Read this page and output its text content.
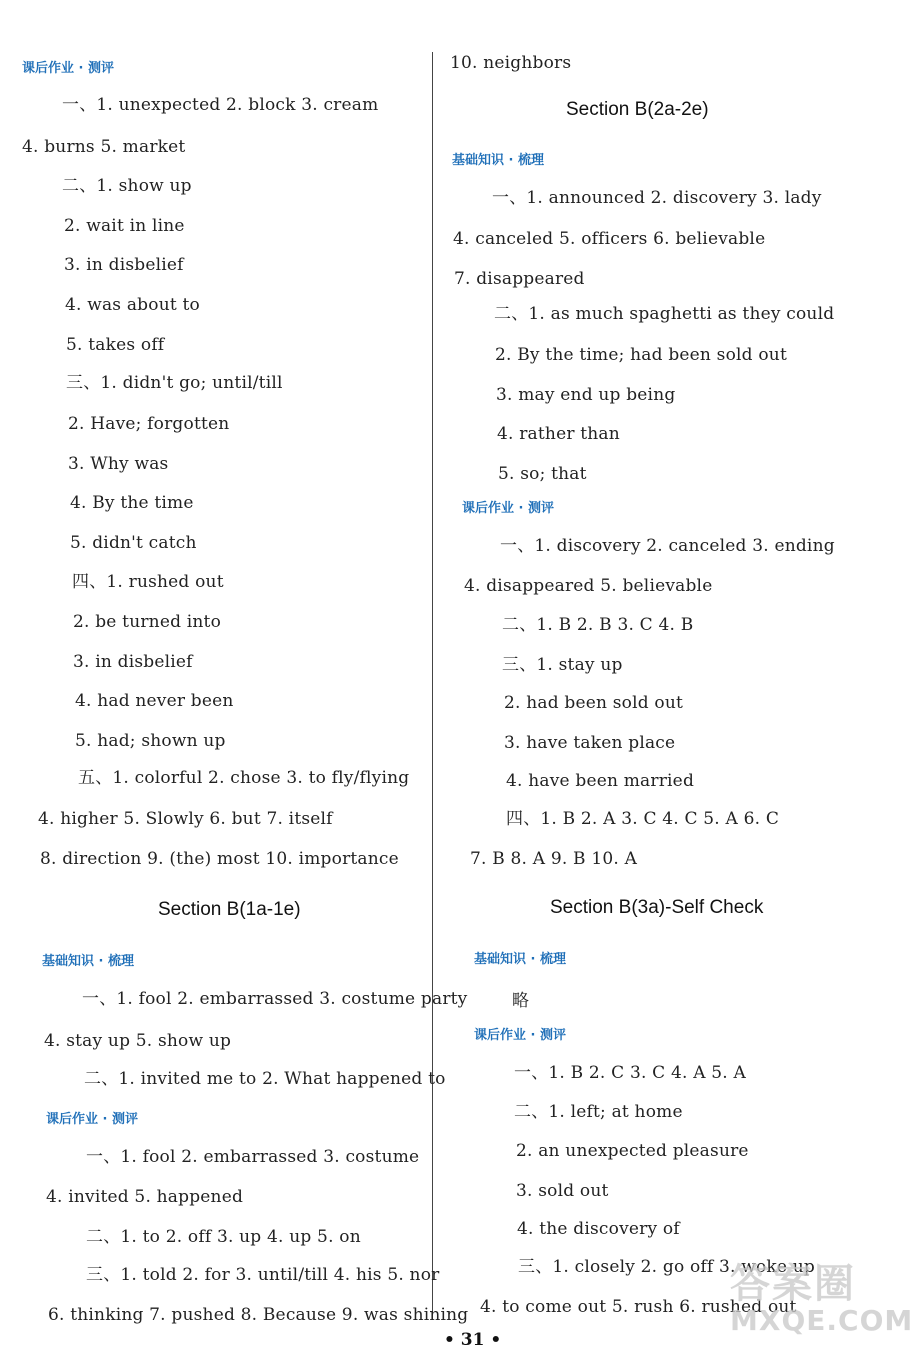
课后作业 · 测评
一、1. unexpected 2. block 3. cream
4. burns 5. market
二、1. show up
2. wait in line
3. in disbelief
4. was about to
5. takes off
三、1. didn't go; until/till
2. Have; forgotten
3. Why was
4. By the time
5. didn't catch
四、1. rushed out
2. be turned into
3. in disbelief
4. had never been
5. had; shown up
五、1. colorful 2. chose 3. to fly/flying
4. higher 5. Slowly 6. but 7. itself
8. direction 9. (the) most 10. importance
Section B(1a-1e)
基础知识 · 梳理
一、1. fool 2. embarrassed 3. costume party
4. stay up 5. show up
二、1. invited me to 2. What happened to
课后作业 · 测评
一、1. fool 2. embarrassed 3. costume
4. invited 5. happened
二、1. to 2. off 3. up 4. up 5. on
三、1. told 2. for 3. until/till 4. his 5. nor
6. thinking 7. pushed 8. Because 9. was shining
10. neighbors
Section B(2a-2e)
基础知识 · 梳理
一、1. announced 2. discovery 3. lady
4. canceled 5. officers 6. believable
7. disappeared
二、1. as much spaghetti as they could
2. By the time; had been sold out
3. may end up being
4. rather than
5. so; that
课后作业 · 测评
一、1. discovery 2. canceled 3. ending
4. disappeared 5. believable
二、1. B 2. B 3. C 4. B
三、1. stay up
2. had been sold out
3. have taken place
4. have been married
四、1. B 2. A 3. C 4. C 5. A 6. C
7. B 8. A 9. B 10. A
Section B(3a)-Self Check
基础知识 · 梳理
略
课后作业 · 测评
一、1. B 2. C 3. C 4. A 5. A
二、1. left; at home
2. an unexpected pleasure
3. sold out
4. the discovery of
三、1. closely 2. go off 3. woke up
4. to come out 5. rush 6. rushed out
• 31 •
答案圈
MXQE.COM
